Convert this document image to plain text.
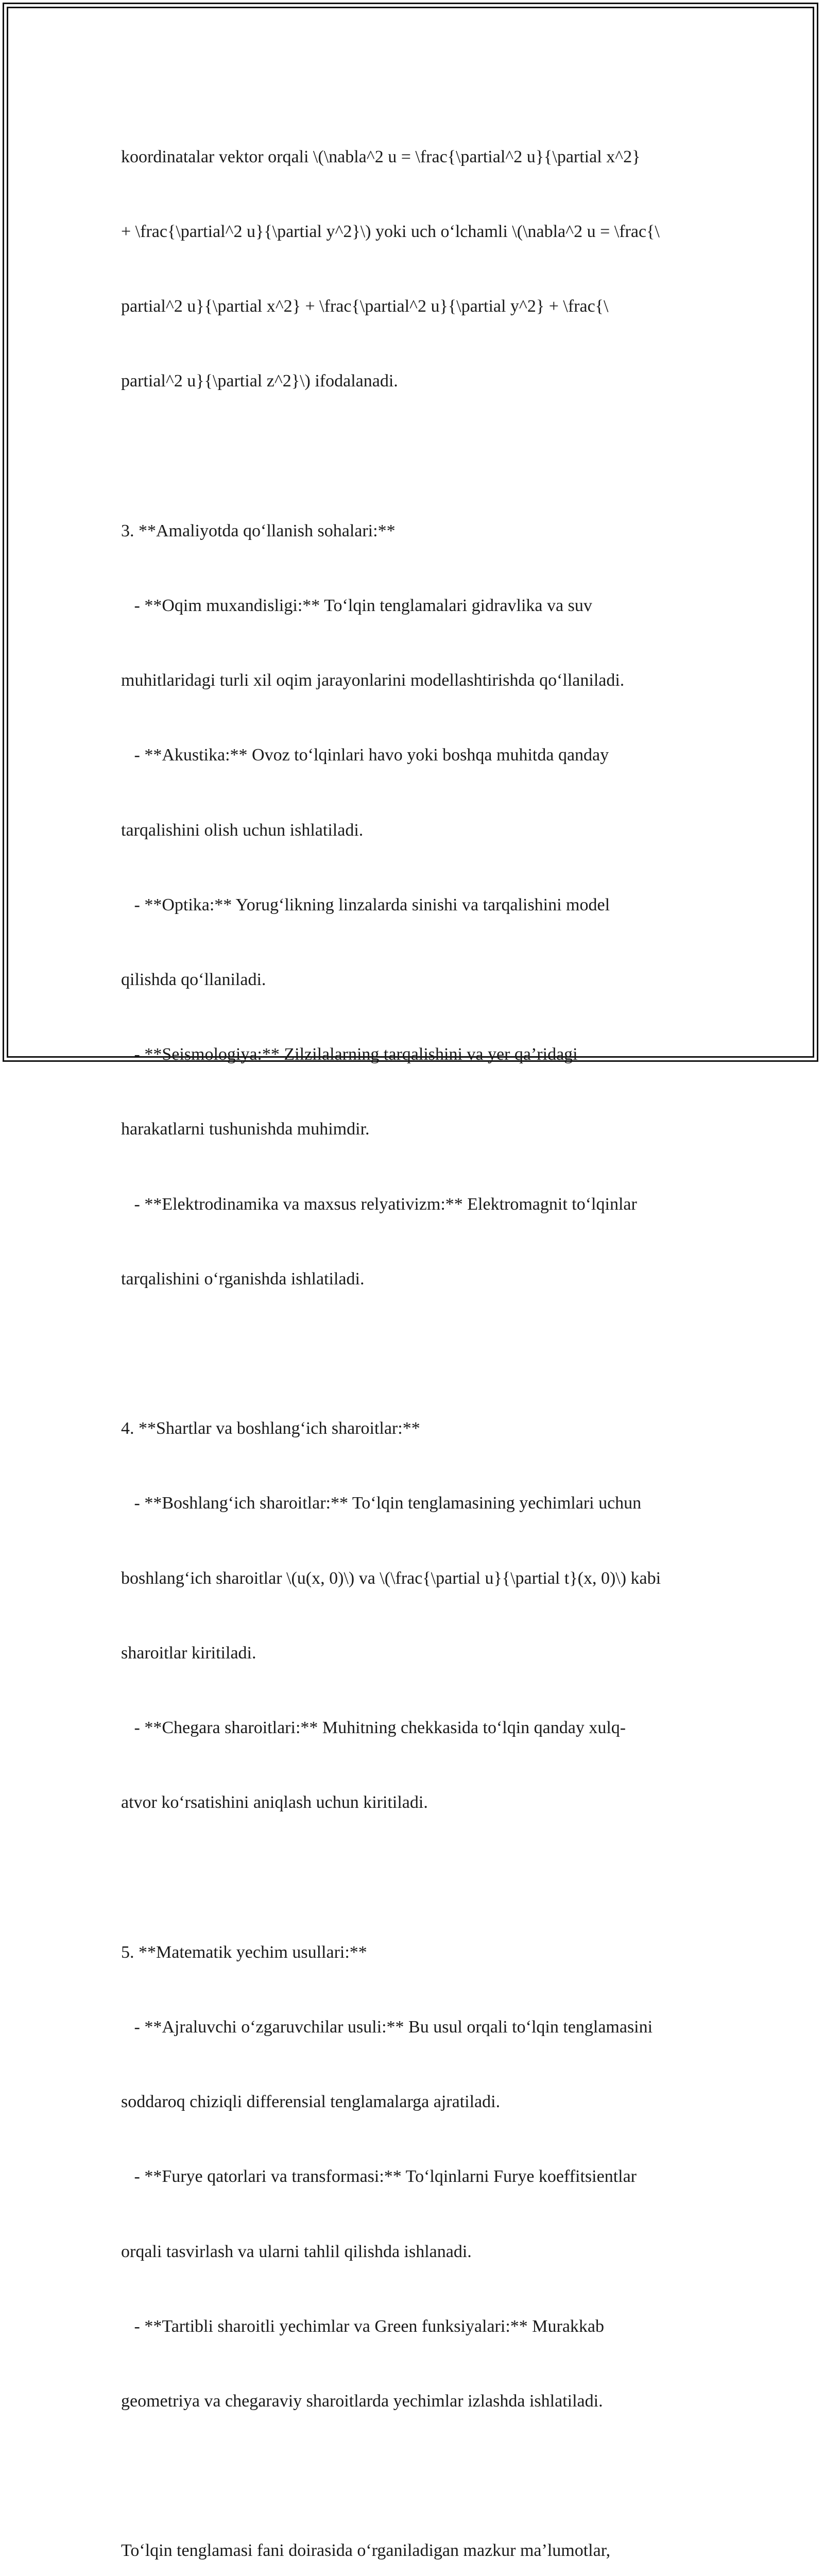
koordinatalar vektor orqali \(\nabla^2 u = \frac{\partial^2 u}{\partial x^2}

+ \frac{\partial^2 u}{\partial y^2}\) yoki uch o‘lchamli \(\nabla^2 u = \frac{\

partial^2 u}{\partial x^2} + \frac{\partial^2 u}{\partial y^2} + \frac{\

partial^2 u}{\partial z^2}\) ifodalanadi.

3. **Amaliyotda qo‘llanish sohalari:**

- **Oqim muxandisligi:** To‘lqin tenglamalari gidravlika va suv

muhitlaridagi turli xil oqim jarayonlarini modellashtirishda qo‘llaniladi.

- **Akustika:** Ovoz to‘lqinlari havo yoki boshqa muhitda qanday

tarqalishini olish uchun ishlatiladi.

- **Optika:** Yorug‘likning linzalarda sinishi va tarqalishini model

qilishda qo‘llaniladi.

- **Seismologiya:** Zilzilalarning tarqalishini va yer qa’ridagi

harakatlarni tushunishda muhimdir.

- **Elektrodinamika va maxsus relyativizm:** Elektromagnit to‘lqinlar

tarqalishini o‘rganishda ishlatiladi.

4. **Shartlar va boshlang‘ich sharoitlar:**

- **Boshlang‘ich sharoitlar:** To‘lqin tenglamasining yechimlari uchun

boshlang‘ich sharoitlar \(u(x, 0)\) va \(\frac{\partial u}{\partial t}(x, 0)\) kabi

sharoitlar kiritiladi.

- **Chegara sharoitlari:** Muhitning chekkasida to‘lqin qanday xulq-

atvor ko‘rsatishini aniqlash uchun kiritiladi.

5. **Matematik yechim usullari:**

- **Ajraluvchi o‘zgaruvchilar usuli:** Bu usul orqali to‘lqin tenglamasini

soddaroq chiziqli differensial tenglamalarga ajratiladi.

- **Furye qatorlari va transformasi:** To‘lqinlarni Furye koeffitsientlar

orqali tasvirlash va ularni tahlil qilishda ishlanadi.

- **Tartibli sharoitli yechimlar va Green funksiyalari:** Murakkab

geometriya va chegaraviy sharoitlarda yechimlar izlashda ishlatiladi.

To‘lqin tenglamasi fani doirasida o‘rganiladigan mazkur ma’lumotlar,
